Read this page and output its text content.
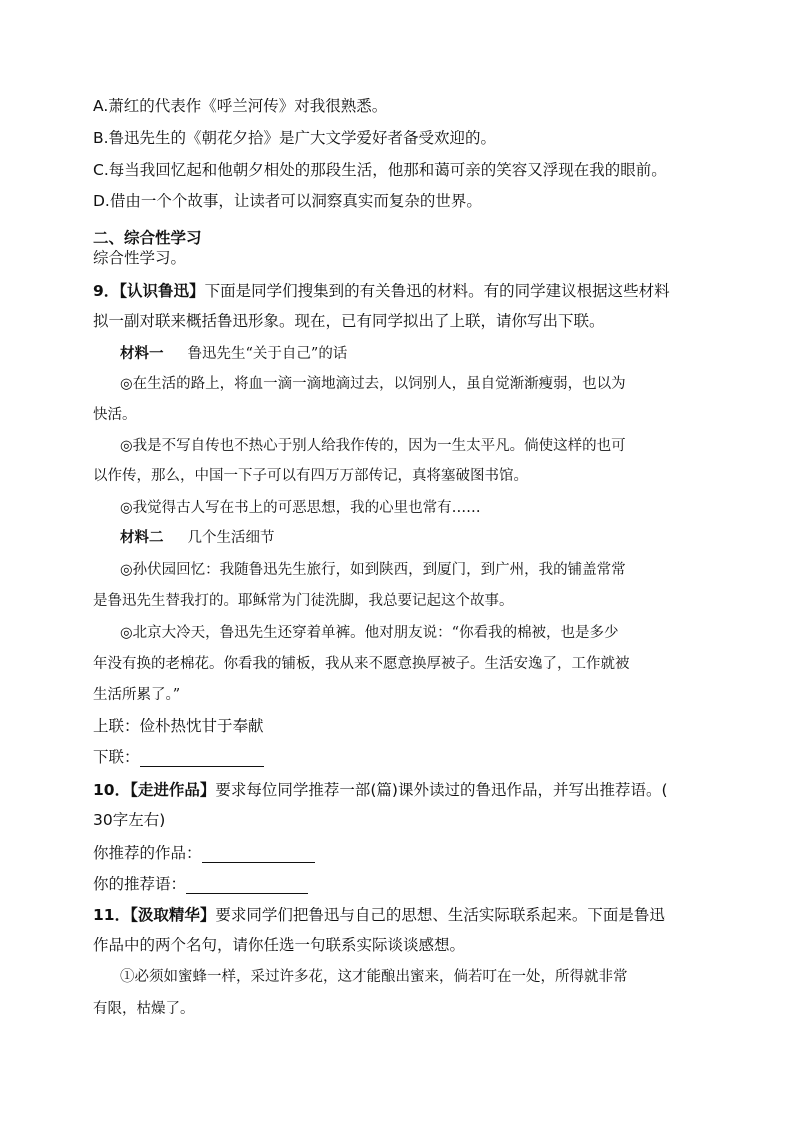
A.萧红的代表作《呼兰河传》对我很熟悉。
B.鲁迅先生的《朝花夕拾》是广大文学爱好者备受欢迎的。
C.每当我回忆起和他朝夕相处的那段生活，他那和蔼可亲的笑容又浮现在我的眼前。
D.借由一个个故事，让读者可以洞察真实而复杂的世界。
二、综合性学习
综合性学习。
9．【认识鲁迅】下面是同学们搜集到的有关鲁迅的材料。有的同学建议根据这些材料
拟一副对联来概括鲁迅形象。现在，已有同学拟出了上联，请你写出下联。
材料一 鲁迅先生“关于自己”的话
◎在生活的路上，将血一滴一滴地滴过去，以饲别人，虽自觉渐渐瘦弱，也以为
快活。
◎我是不写自传也不热心于别人给我作传的，因为一生太平凡。倘使这样的也可
以作传，那么，中国一下子可以有四万万部传记，真将塞破图书馆。
◎我觉得古人写在书上的可恶思想，我的心里也常有……
材料二 几个生活细节
◎孙伏园回忆：我随鲁迅先生旅行，如到陕西，到厦门，到广州，我的铺盖常常
是鲁迅先生替我打的。耶稣常为门徒洗脚，我总要记起这个故事。
◎北京大冷天，鲁迅先生还穿着单裤。他对朋友说：“你看我的棉被，也是多少
年没有换的老棉花。你看我的铺板，我从来不愿意换厚被子。生活安逸了，工作就被
生活所累了。”
上联：俭朴热忱甘于奉献
下联：
10．【走进作品】要求每位同学推荐一部(篇)课外读过的鲁迅作品，并写出推荐语。(
30字左右)
你推荐的作品：
你的推荐语：
11．【汲取精华】要求同学们把鲁迅与自己的思想、生活实际联系起来。下面是鲁迅
作品中的两个名句，请你任选一句联系实际谈谈感想。
①必须如蜜蜂一样，采过许多花，这才能酿出蜜来，倘若叮在一处，所得就非常
有限，枯燥了。
